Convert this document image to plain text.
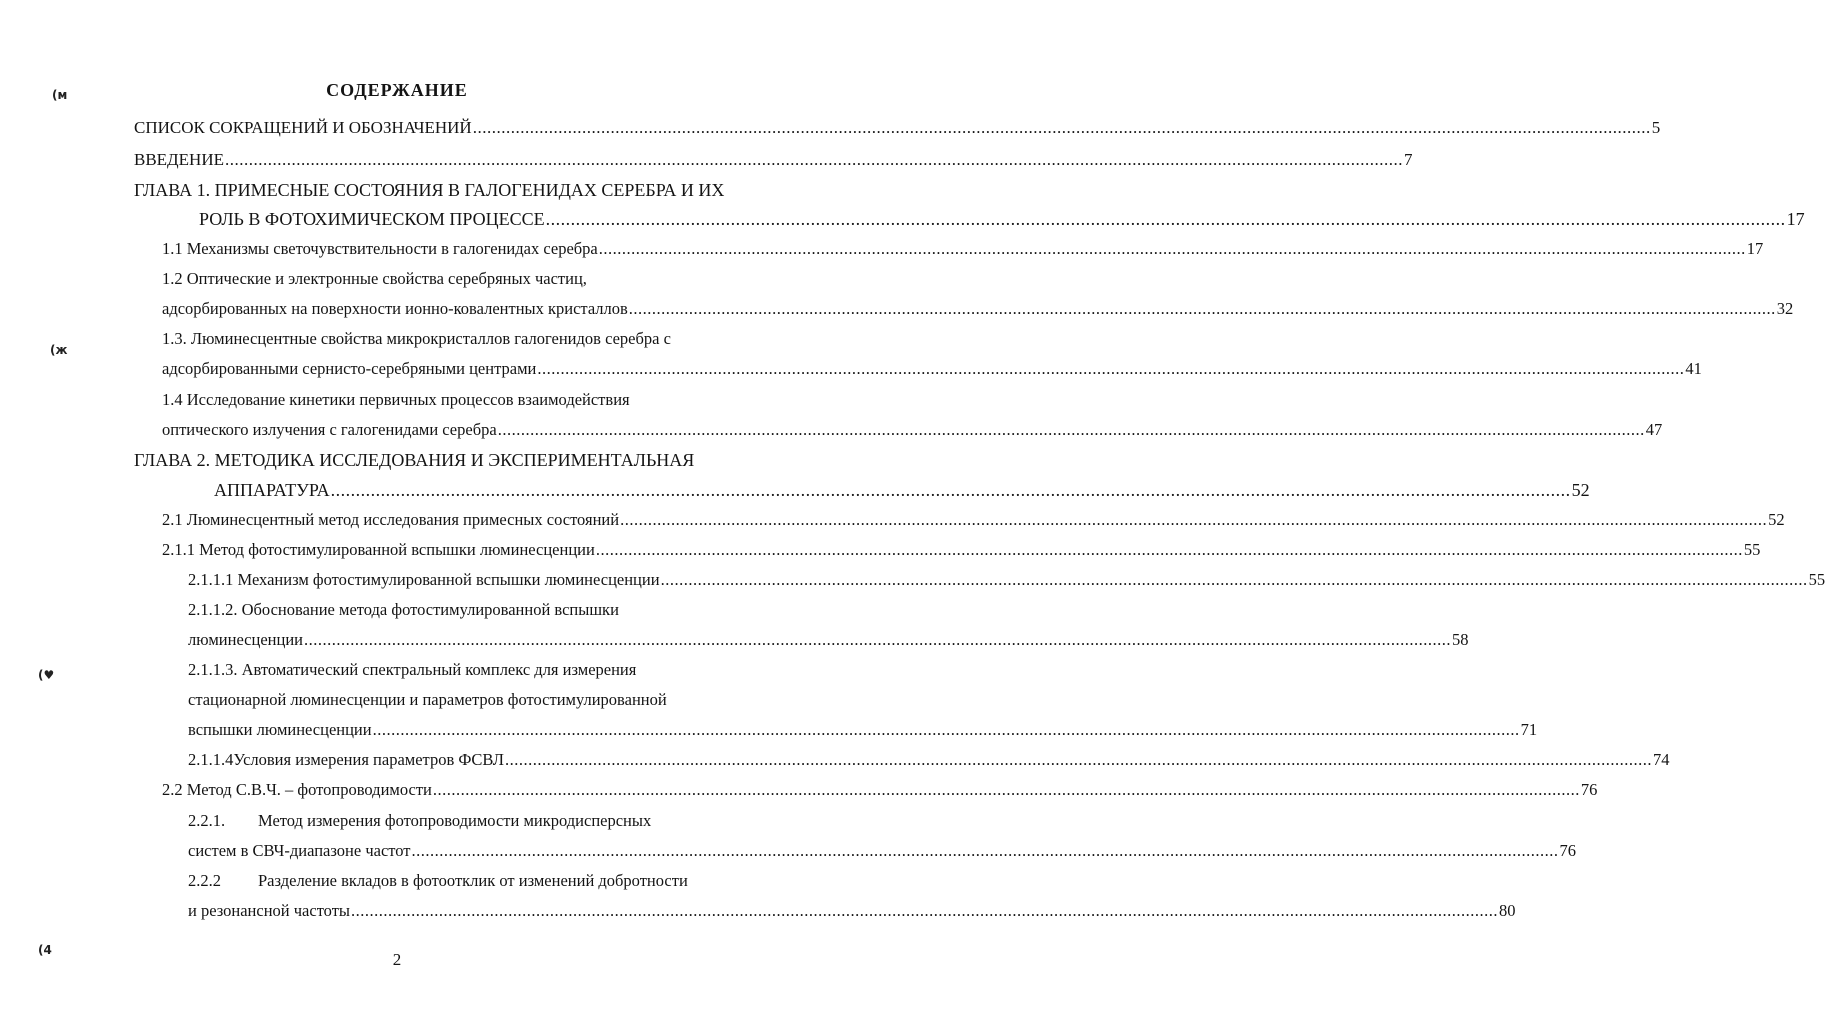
СОДЕРЖАНИЕ
СПИСОК СОКРАЩЕНИЙ И ОБОЗНАЧЕНИЙ .....	5
ВВЕДЕНИЕ .....	7
ГЛАВА 1. ПРИМЕСНЫЕ СОСТОЯНИЯ В ГАЛОГЕНИДАХ СЕРЕБРА И ИХ
РОЛЬ В ФОТОХИМИЧЕСКОМ ПРОЦЕССЕ .....	17
1.1 Механизмы светочувствительности в галогенидах серебра .....	17
1.2 Оптические и электронные свойства серебряных частиц,
адсорбированных на поверхности ионно-ковалентных кристаллов .....	32
1.3. Люминесцентные свойства микрокристаллов галогенидов серебра с
адсорбированными сернисто-серебряными центрами .....	41
1.4 Исследование кинетики первичных процессов взаимодействия
оптического излучения с галогенидами серебра .....	47
ГЛАВА 2. МЕТОДИКА ИССЛЕДОВАНИЯ И ЭКСПЕРИМЕНТАЛЬНАЯ
АППАРАТУРА .....	52
2.1 Люминесцентный метод исследования примесных состояний .....	52
2.1.1 Метод фотостимулированной вспышки люминесценции .....	55
2.1.1.1 Механизм фотостимулированной вспышки люминесценции .....	55
2.1.1.2. Обоснование метода фотостимулированной вспышки
люминесценции .....	58
2.1.1.3. Автоматический спектральный комплекс для измерения
стационарной люминесценции и параметров фотостимулированной
вспышки люминесценции .....	71
2.1.1.4 Условия измерения параметров ФСВЛ .....	74
2.2 Метод С.В.Ч. – фотопроводимости .....	76
2.2.1.	Метод измерения фотопроводимости микродисперсных
систем в СВЧ-диапазоне частот .....	76
2.2.2	Разделение вкладов в фотоотклик от изменений добротности
и резонансной частоты .....	80
(м
(ж
(♥
(4	2
